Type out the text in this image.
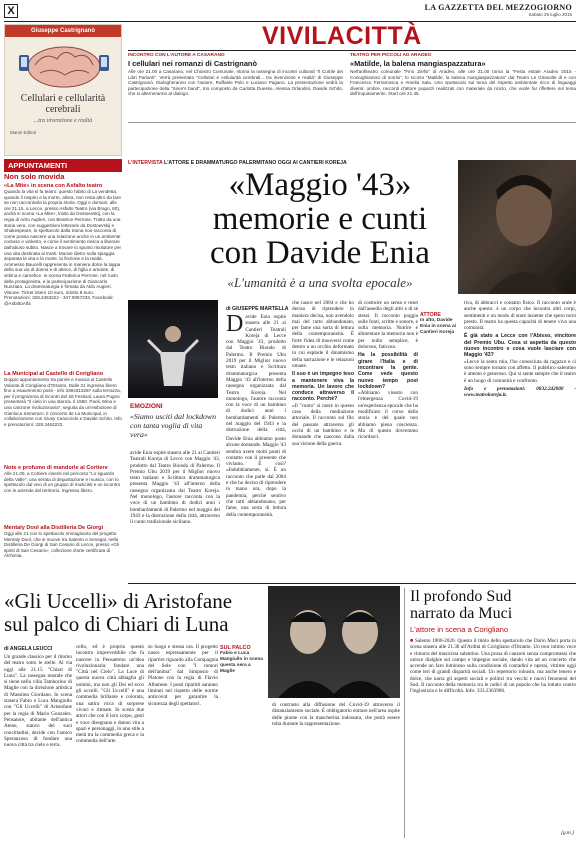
X	LA GAZZETTA DEL MEZZOGIORNO
Sabato 25 luglio 2015
Giuseppe Castrignanò
Cellulari e cellularità cerebrali
...tra invenzione e realtà
Manni Editori
VIVILACITTÀ
INCONTRO CON L'AUTORE A CASARANO
I cellulari nei romanzi di Castrignanò
Alle ore 21.00 a Casarano, nel Chiostro Comunale, ritorna la rassegna di incontri culturali "Il Cortile dei Libri Parlanti". Verrà presentato "Cellulari e cellularità cerebrali... tra invenzione e realtà" di Giuseppe Castrignanò. Dialogheranno con l'autore, Raffaele Polo e Luciano Pagano. La presentazione vedrà la partecipazione della "Siren's band", trio composto da Carlotta Duesse, Alessia Orlandini, Davide Schito, che si alterneranno al dialogo.
TEATRO PER PICCOLI AD ARADEO
«Matilde, la balena mangiaspazzatura»
Nell'anfiteatro comunale "Fino Ziello" di Aradeo, alle ore 21.00 torna la "Festa estate Aradeo 2015 - Coniughiamoci di sorrisi", lo scorso "Matilde, la balena mangiaspazzatura" dal Teatro Le Giravolte di e con Francesco Ferramosca e Amelia Sala. Uno spettacolo sul tema del rispetto ambientale ricco di linguaggi diversi: ombre, racconti d'attore pupazzi realizzati con materiale da riciclo, che vuole far riflettere sul tema dell'inquinamento. Start ore 21.45.
APPUNTAMENTI
Non solo movida
«La Mite» in scena con Asfalto teatro
Quando la vita si fa teatro: questo l'abito di La vendetta, quando il respiro e la morte, allora, non resta altro da fare se non raccontarla la propria storia. Oggi e domani, alle ore 21.15, a Lecce, presso Asfalto Teatro (via Brago, 60), andrà in scena «La Mite», tratto da Dostoevskij, con la regia di Adro Aupleri, con Beatrice Perrone. Tratto da una storia vera, con suggestioni letterarie da Dostoevskij e Shakespeare, lo spettacolo dalla trama noir racconta di come possa nascere una relazione anche in un ambiente contuso e violento, e come il sentimento riesca a liberare dall'abuso subito. Nasce a trovare lo spunto risolutore per una vita destinata ai tranti. Muove dietro sulla spiaggia separata la vita e la morte, la finzione e la realtà. Ammesso Baucelli rappresenta in maniera dolce la tappa della sua via di donna e di attrice, di figlia e amante, di vittima e carnefice. In scena Federica Perrone, nel ruolo della protagonista, e la partecipazione di Giancarlo Nunziato. La drammaturgia è firmata da Aldo Augieri. Visione. Ticket intero 10 euro, ridotto 8 euro. Prenotazioni: 328.2463222 - 347.9057233, Facebook: @AsfaltoAlfa
La Municipal al Castello di Corigliano
Doppio appuntamento tra parole e musica al Castello Volante di Corigliano d'Otranto. Dalle 21 ingresso libero fino a esaurimento posti - info 3394313287 sulla terrazza, per il programma di incontri del Sit Festival, Laura Pugno presenterà "Il cielo in una stanza. Il 1960. Paoli, Mina e una canzone rivoluzionaria", seguita da un'esibizione di Gianluca Semeraro. Il concerto de La Municipal, in collaborazione con Giusy Caracciolo e Davide Schito. Info e prenotazioni: 328.2463222.
Note e profumo di mandorle al Cortiere
Alle 21.00, a Cortiere inseriti nel percorso "Lo sguardo della Valle", una serata di degustazione e musica, con lo spettacolo dal vivo di un gruppo di musicisti e un incontro con le aziende del territorio. Ingresso libero.
Mentaly Dool alla Distilleria De Giorgi
Oggi alle 21 con lo spettacolo Immaginaria del progetto Mentaly Dool, che si muove tra Salento e Senegal, nella Distilleria De Giorgi di San Cesario di Lecce, presso «Gli spiriti di San Cesario», collezione d'arte certificata di Alchimia.
L'INTERVISTA L'ATTORE E DRAMMATURGO PALERMITANO OGGI AI CANTIERI KOREJA
«Maggio '43»
memorie e cunti
con Davide Enia
«L'umanità è a una svolta epocale»
ATTORE
In alto, Davide Enia in scena ai Cantieri Koreja
di GIUSEPPE MARTELLA
D avide Enia ospite stasera alle 21 ai Cantieri Teatrali Koreja di Lecce con Maggio '43, prodotto dal Teatro Biondo di Palermo. Il Premio Ubu 2019 per il Miglior nuovo testo italiano e Scrittura drammaturgica presenta Maggio '43 all'interno della rassegna organizzata dal Teatro Koreja. Nel monologo, l'autore racconta con la voce di un bambino di dodici anni i bombardamenti di Palermo nel maggio del 1943 e la distruzione della città,
EMOZIONI
«Siamo usciti dal lockdown con tanta voglia di vita vera»	Davide Enia abbiamo posto alcune domande. Maggio '43 sembra avere molti punti di contatto con il presente che viviamo. È così? «Indubbiamente, sì. È un racconto che parte dal 2004 e che ho deciso di riprendere in mano ora, dopo la pandemia, perché sentivo che tutti abbandonano, per fame, una sorta di lettura della contemporaneità.
avide Enia ospite stasera alle 21 ai Cantieri Teatrali Koreja di Lecce con Maggio '43, prodotto dal Teatro Biondo di Palermo. Il Premio Ubu 2019 per il Miglior nuovo testo italiano e Scrittura drammaturgica presenta Maggio '43 all'interno della rassegna organizzata dal Teatro Koreja. Nel monologo, l'autore racconta con la voce di un bambino di dodici anni i bombardamenti di Palermo nel maggio del 1943 e la distruzione della città, attraverso il cunto tradizionale siciliano.
che nasce nel 2004 e che ho deciso di riprendere in maniera decisa, non avendolo mai del tutto abbandonato, per fame una sorta di lettura della contemporaneità. È forte l'idea di muoversi come dentro a un occhio deformato in cui esplode il dinamismo della narrazione e le relazioni umane.
Il suo è un impegno teso a mantenere viva la memoria. Un lavoro che conduce attraverso il racconto. Perché?
«Il "cunto" si nutre in questo caso della mediazione attoriale. Il racconto sul filo del passato attraversa gli occhi di un bambino e le domande che nascono dalla sua visione della guerra.
di costruire un senso e reset dall'assedio degli altri e di sé stessi. Il racconto poggia sulle fonti, scritte e sonore, e sulla memoria. Nutrire e alimentare la memoria non è per nulla semplice, è doloroso, faticoso.
Ha la possibilità di girare l'Italia e di incontrare la gente. Come vede questo nuovo tempo post lockdown?
«Abbiamo vissuto con l'emergenza Covid-19 un'esperienza epocale che ha modificato il corso della storia e del quale non abbiamo piena coscienza. Ma di questo dovremmo ricordarci.
tiva, di abbracci e contatto fisico. Il racconto orale è anche questo: è un corpo che incontra altri corpi, sentimenti e un modo di stare insieme che spero torni presto. Il teatro ha questa capacità di tenere viva una comunità.
È già stato a Lecce con l'Abisso, vincitore del Premio Ubu. Cosa si aspetta da questo nuovo incontro e cosa vuole lasciare con Maggio '43?
«Lecce la sento mia, l'ho conosciuta da ragazzo e ci sono sempre tornato con affetto. Il pubblico salentino è attento e generoso. Qui si sente sempre che il teatro è un luogo di comunità e confronto.
Info e prenotazioni: 0832.242000 - www.teatrokoreja.it.
«Gli Uccelli» di Aristofane
sul palco di Chiari di Luna
SUL PALCO
Fabio e Luca Mangiullo in scena questa sera a Maglie
di ANGELA LEUCCI
Un grande classico per il ritorno del teatro sotto le stelle. Al via oggi alle 21.15 "Chiari di Luna". La rassegna teatrale che si tiene nella villa Tamborino di Maglie con la direzione artistica di Massimo Giordano. In scena stasera Fabio e Luca Mangiullo con "Gli Uccelli" di Aristofane per la regia di Mario Gonzalez. Pensatore, abitante dell'antica Atene, stanco dei suoi concittadini, decide con l'amico Speranzoso di fondare una nuova città tra cielo e terra.
cello, ed è proprio questo incontro imprevedibile che fa nascere in Pensaterno un'idea rivoluzionaria: fondare una "Città nel Cielo". La Luce di questa nuova città abbaglia gli uomini, ma non gli Dei ed ecco gli uccelli. "Gli Uccelli" è una commedia brillante e colorata, una satira ricca di sorprese vivaci e ritmate. In scena due attori che con il loro corpo, gesti e voce disegnano e danno vita a spazi e personaggi, in uno stile a metà tra la commedia greca e la commedia dell'arte.
so luogo e stessa ora. Il progetto nasce espressamente per il ripartire riguardo alla Compagnia del Sole con "I rumori dell'anima" dal Simposio di Platone con la regia di Flavio Albanese. I posti ripartiti saranno limitati nel rispetto delle norme anticovid per garantire la sicurezza degli spettatori.	di contrasto alla diffusione del Covid-19 attraverso il distanziamento sociale. È obbligatorio entrare nell'area ospite delle piume con la mascherina indossata, che potrà essere tolta durante la rappresentazione.
Il profondo Sud
narrato da Muci
L'attore in scena a Corigliano
■ Salento 1900-2020. Questo il titolo dello spettacolo che Dario Muci porta in scena stasera alle 21.30 all'Ardità di Corigliano d'Otranto. Un tour intimo voce e chitarra del musicista salentino. Una prosa di canzoni senza compromessi che unisce dialghie sul campo e impegno sociale, dando vita ad un concerto che accende un faro luminoso sulla condizione di contadini e operai, vittime oggi come ieri di grandi disparità sociali. Un repertorio robusto, ma anche tenero e dolce, che narra gli aspetti sociali e politici tra vecchi e nuovi fenomeni del Sud. Il racconto della memoria tra le radici di un popolo che ha lottato contro l'ingiustizia e le difficoltà. Info: 333.2363986.
[g.m.]
